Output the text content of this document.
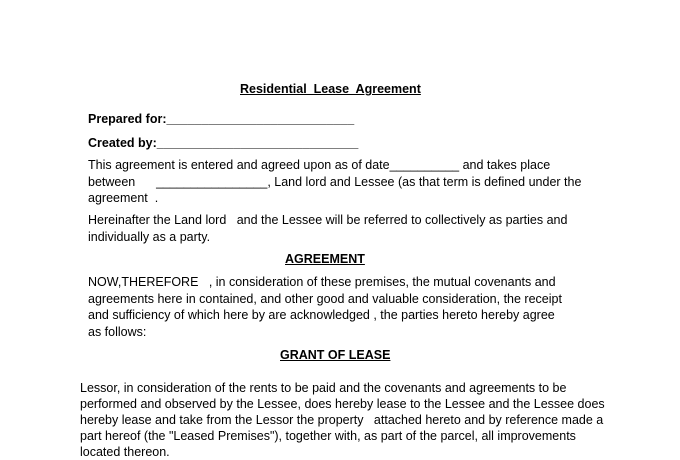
Residential  Lease  Agreement
Prepared for:___________________________
Created by:_____________________________
This agreement is entered and agreed upon as of date__________ and takes place
between      ________________, Land lord and Lessee (as that term is defined under the
agreement  .
Hereinafter the Land lord   and the Lessee will be referred to collectively as parties and
individually as a party.
AGREEMENT
NOW,THEREFORE   , in consideration of these premises, the mutual covenants and
agreements here in contained, and other good and valuable consideration, the receipt
and sufficiency of which here by are acknowledged , the parties hereto hereby agree
as follows:
GRANT OF LEASE
Lessor, in consideration of the rents to be paid and the covenants and agreements to be
performed and observed by the Lessee, does hereby lease to the Lessee and the Lessee does
hereby lease and take from the Lessor the property   attached hereto and by reference made a
part hereof (the "Leased Premises"), together with, as part of the parcel, all improvements
located thereon.
